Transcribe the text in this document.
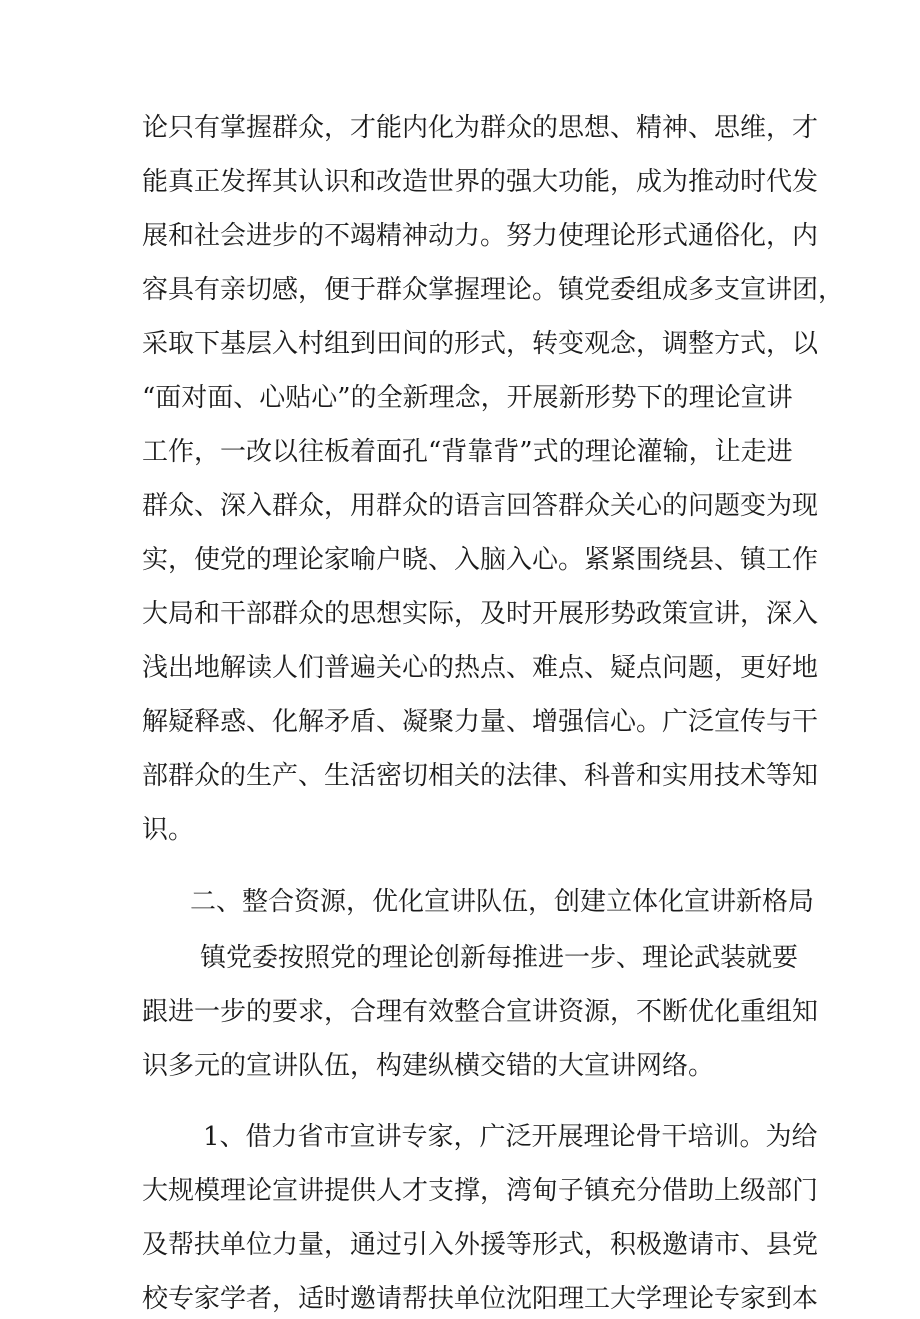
论只有掌握群众，才能内化为群众的思想、精神、思维，才
能真正发挥其认识和改造世界的强大功能，成为推动时代发
展和社会进步的不竭精神动力。努力使理论形式通俗化，内
容具有亲切感，便于群众掌握理论。镇党委组成多支宣讲团，
采取下基层入村组到田间的形式，转变观念，调整方式，以
“面对面、心贴心”的全新理念，开展新形势下的理论宣讲
工作，一改以往板着面孔“背靠背”式的理论灌输，让走进
群众、深入群众，用群众的语言回答群众关心的问题变为现
实，使党的理论家喻户晓、入脑入心。紧紧围绕县、镇工作
大局和干部群众的思想实际，及时开展形势政策宣讲，深入
浅出地解读人们普遍关心的热点、难点、疑点问题，更好地
解疑释惑、化解矛盾、凝聚力量、增强信心。广泛宣传与干
部群众的生产、生活密切相关的法律、科普和实用技术等知
识。
二、整合资源，优化宣讲队伍，创建立体化宣讲新格局
镇党委按照党的理论创新每推进一步、理论武装就要
跟进一步的要求，合理有效整合宣讲资源，不断优化重组知
识多元的宣讲队伍，构建纵横交错的大宣讲网络。
1、借力省市宣讲专家，广泛开展理论骨干培训。为给
大规模理论宣讲提供人才支撑，湾甸子镇充分借助上级部门
及帮扶单位力量，通过引入外援等形式，积极邀请市、县党
校专家学者，适时邀请帮扶单位沈阳理工大学理论专家到本
